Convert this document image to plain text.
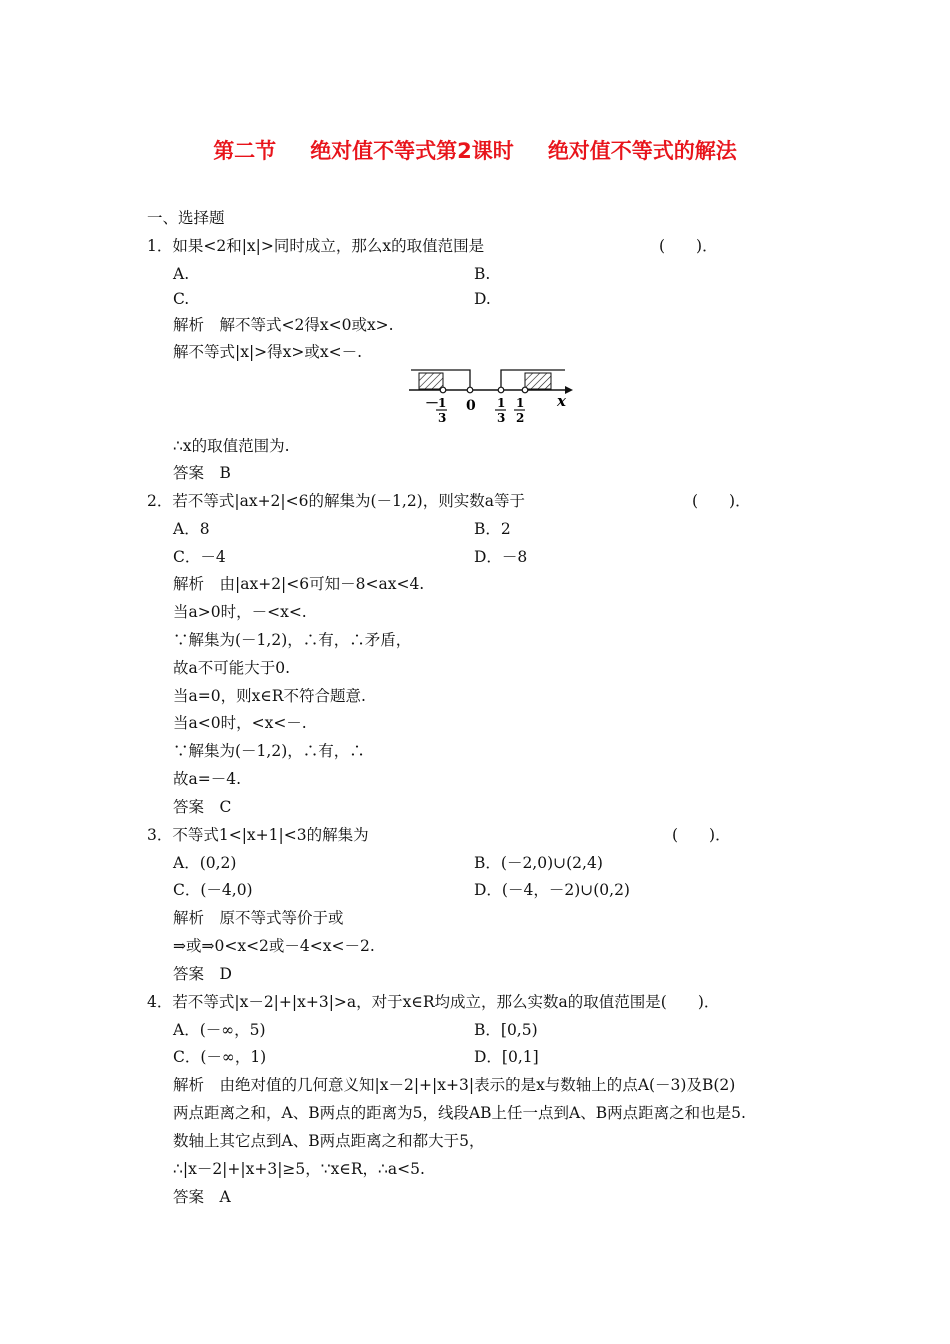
第二节 绝对值不等式第2课时 绝对值不等式的解法
一、选择题
1．如果<2和|x|>同时成立，那么x的取值范围是	(　　)．
A.	B.
C.	D.
解析　解不等式<2得x<0或x>.
解不等式|x|>得x>或x<－.
－ 1
3
0 1
3
1
2
x
∴x的取值范围为.
答案　B
2．若不等式|ax+2|<6的解集为(－1,2)，则实数a等于	(　　)．
A．8	B．2
C．－4	D．－8
解析　由|ax+2|<6可知－8<ax<4.
当a>0时，－<x<.
∵解集为(－1,2)，∴有，∴矛盾，
故a不可能大于0.
当a=0，则x∈R不符合题意.
当a<0时，<x<－.
∵解集为(－1,2)，∴有，∴
故a=－4.
答案　C
3．不等式1<|x+1|<3的解集为	(　　)．
A．(0,2)	B．(－2,0)∪(2,4)
C．(－4,0)	D．(－4，－2)∪(0,2)
解析　原不等式等价于或
⇒或⇒0<x<2或－4<x<－2.
答案　D
4．若不等式|x－2|+|x+3|>a，对于x∈R均成立，那么实数a的取值范围是(　　)．
A．(－∞，5)	B．[0,5)
C．(－∞，1)	D．[0,1]
解析　由绝对值的几何意义知|x－2|+|x+3|表示的是x与数轴上的点A(－3)及B(2)
两点距离之和，A、B两点的距离为5，线段AB上任一点到A、B两点距离之和也是5.
数轴上其它点到A、B两点距离之和都大于5，
∴|x－2|+|x+3|≥5，∵x∈R，∴a<5.
答案　A
